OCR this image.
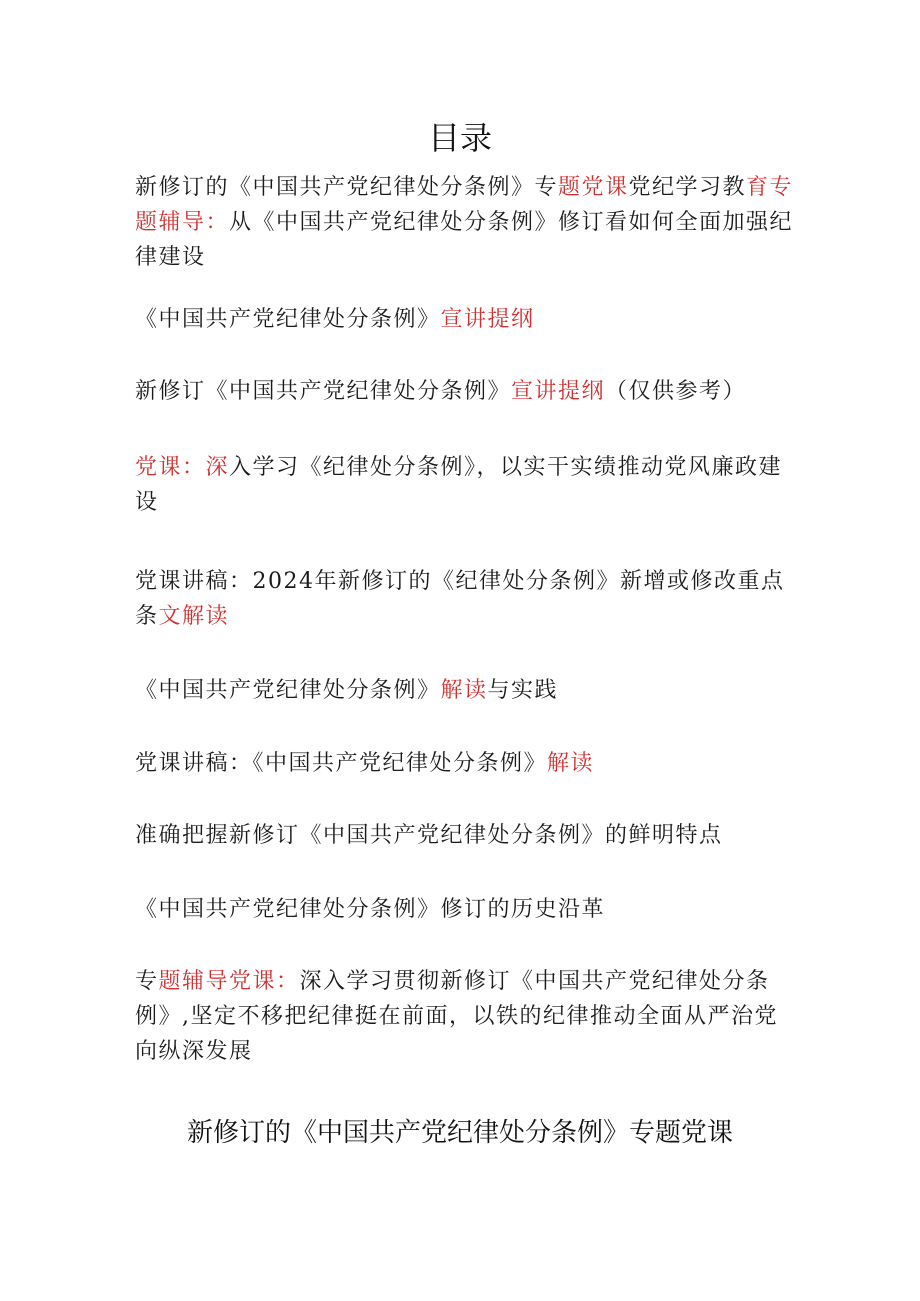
目录

新修订的《中国共产党纪律处分条例》专题党课党纪学习教育专题辅导：从《中国共产党纪律处分条例》修订看如何全面加强纪律建设

《中国共产党纪律处分条例》宣讲提纲

新修订《中国共产党纪律处分条例》宣讲提纲（仅供参考）

党课：深入学习《纪律处分条例》，以实干实绩推动党风廉政建设

党课讲稿：2024年新修订的《纪律处分条例》新增或修改重点条文解读

《中国共产党纪律处分条例》解读与实践

党课讲稿：《中国共产党纪律处分条例》解读

准确把握新修订《中国共产党纪律处分条例》的鲜明特点

《中国共产党纪律处分条例》修订的历史沿革

专题辅导党课：深入学习贯彻新修订《中国共产党纪律处分条例》,坚定不移把纪律挺在前面，以铁的纪律推动全面从严治党向纵深发展

新修订的《中国共产党纪律处分条例》专题党课
